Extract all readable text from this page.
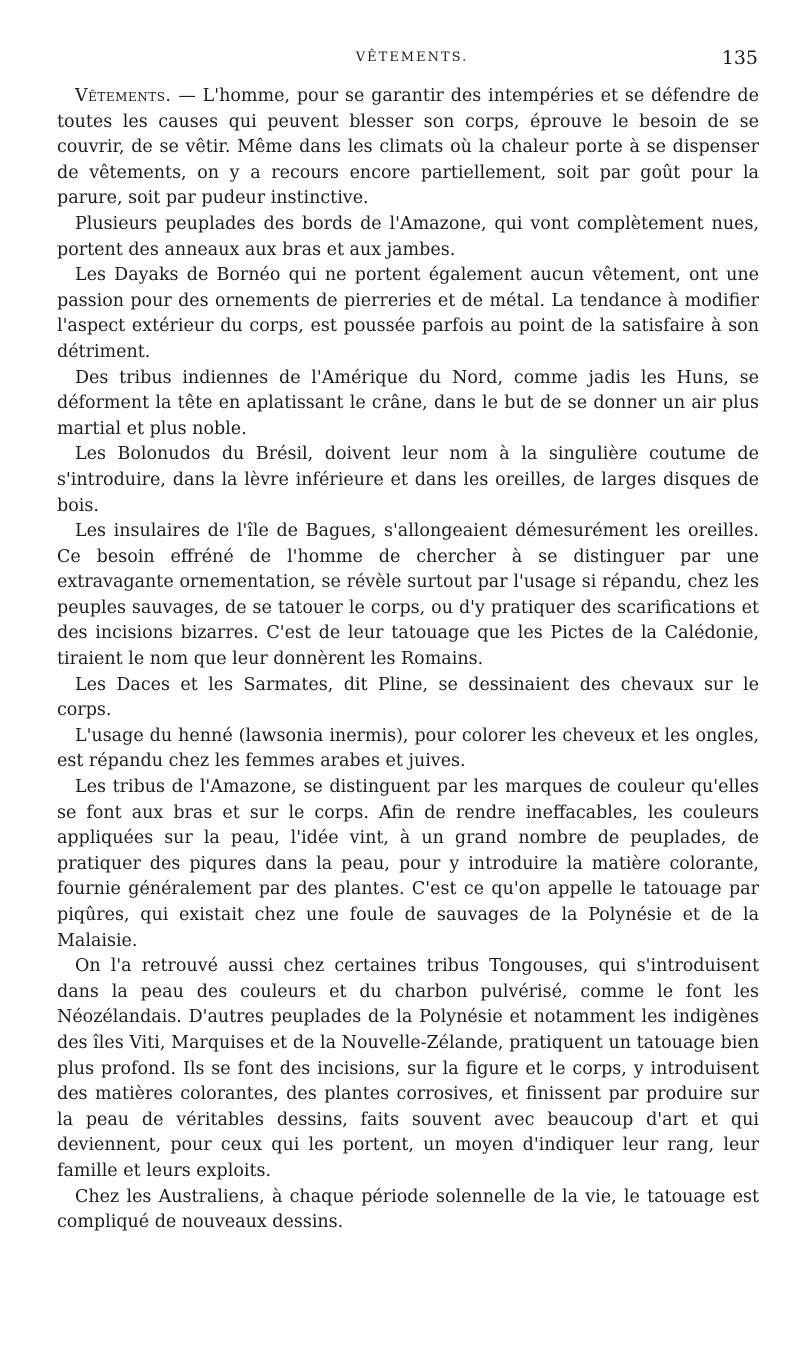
VÊTEMENTS.	135

Vêtements. — L'homme, pour se garantir des intempéries et se défendre de toutes les causes qui peuvent blesser son corps, éprouve le besoin de se couvrir, de se vêtir. Même dans les climats où la chaleur porte à se dispenser de vêtements, on y a recours encore partiellement, soit par goût pour la parure, soit par pudeur instinctive.

Plusieurs peuplades des bords de l'Amazone, qui vont complètement nues, portent des anneaux aux bras et aux jambes.

Les Dayaks de Bornéo qui ne portent également aucun vêtement, ont une passion pour des ornements de pierreries et de métal. La tendance à modifier l'aspect extérieur du corps, est poussée parfois au point de la satisfaire à son détriment.

Des tribus indiennes de l'Amérique du Nord, comme jadis les Huns, se déforment la tête en aplatissant le crâne, dans le but de se donner un air plus martial et plus noble.

Les Bolonudos du Brésil, doivent leur nom à la singulière coutume de s'introduire, dans la lèvre inférieure et dans les oreilles, de larges disques de bois.

Les insulaires de l'île de Bagues, s'allongeaient démesurément les oreilles. Ce besoin effréné de l'homme de chercher à se distinguer par une extravagante ornementation, se révèle surtout par l'usage si répandu, chez les peuples sauvages, de se tatouer le corps, ou d'y pratiquer des scarifications et des incisions bizarres. C'est de leur tatouage que les Pictes de la Calédonie, tiraient le nom que leur donnèrent les Romains.

Les Daces et les Sarmates, dit Pline, se dessinaient des chevaux sur le corps.

L'usage du henné (lawsonia inermis), pour colorer les cheveux et les ongles, est répandu chez les femmes arabes et juives.

Les tribus de l'Amazone, se distinguent par les marques de couleur qu'elles se font aux bras et sur le corps. Afin de rendre ineffacables, les couleurs appliquées sur la peau, l'idée vint, à un grand nombre de peuplades, de pratiquer des piqures dans la peau, pour y introduire la matière colorante, fournie généralement par des plantes. C'est ce qu'on appelle le tatouage par piqûres, qui existait chez une foule de sauvages de la Polynésie et de la Malaisie.

On l'a retrouvé aussi chez certaines tribus Tongouses, qui s'introduisent dans la peau des couleurs et du charbon pulvérisé, comme le font les Néozélandais. D'autres peuplades de la Polynésie et notamment les indigènes des îles Viti, Marquises et de la Nouvelle-Zélande, pratiquent un tatouage bien plus profond. Ils se font des incisions, sur la figure et le corps, y introduisent des matières colorantes, des plantes corrosives, et finissent par produire sur la peau de véritables dessins, faits souvent avec beaucoup d'art et qui deviennent, pour ceux qui les portent, un moyen d'indiquer leur rang, leur famille et leurs exploits.

Chez les Australiens, à chaque période solennelle de la vie, le tatouage est compliqué de nouveaux dessins.
